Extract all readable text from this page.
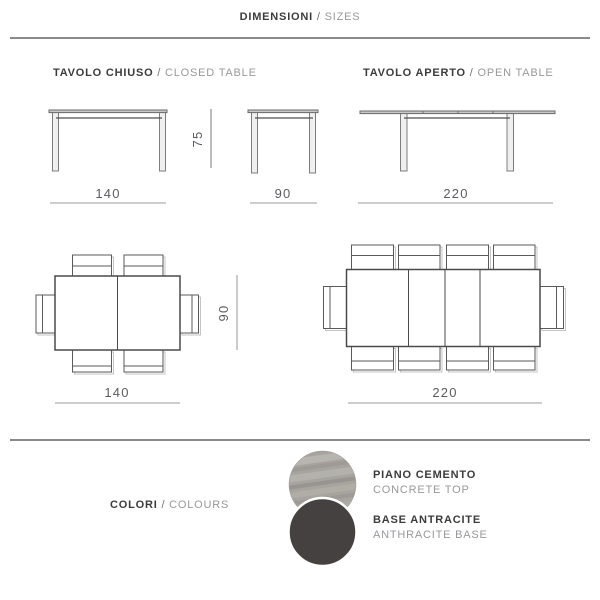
DIMENSIONI / SIZES
TAVOLO CHIUSO / CLOSED TABLE	TAVOLO APERTO / OPEN TABLE
140
75
90	220
140
90
220
COLORI / COLOURS
PIANO CEMENTO
CONCRETE TOP
BASE ANTRACITE
ANTHRACITE BASE
